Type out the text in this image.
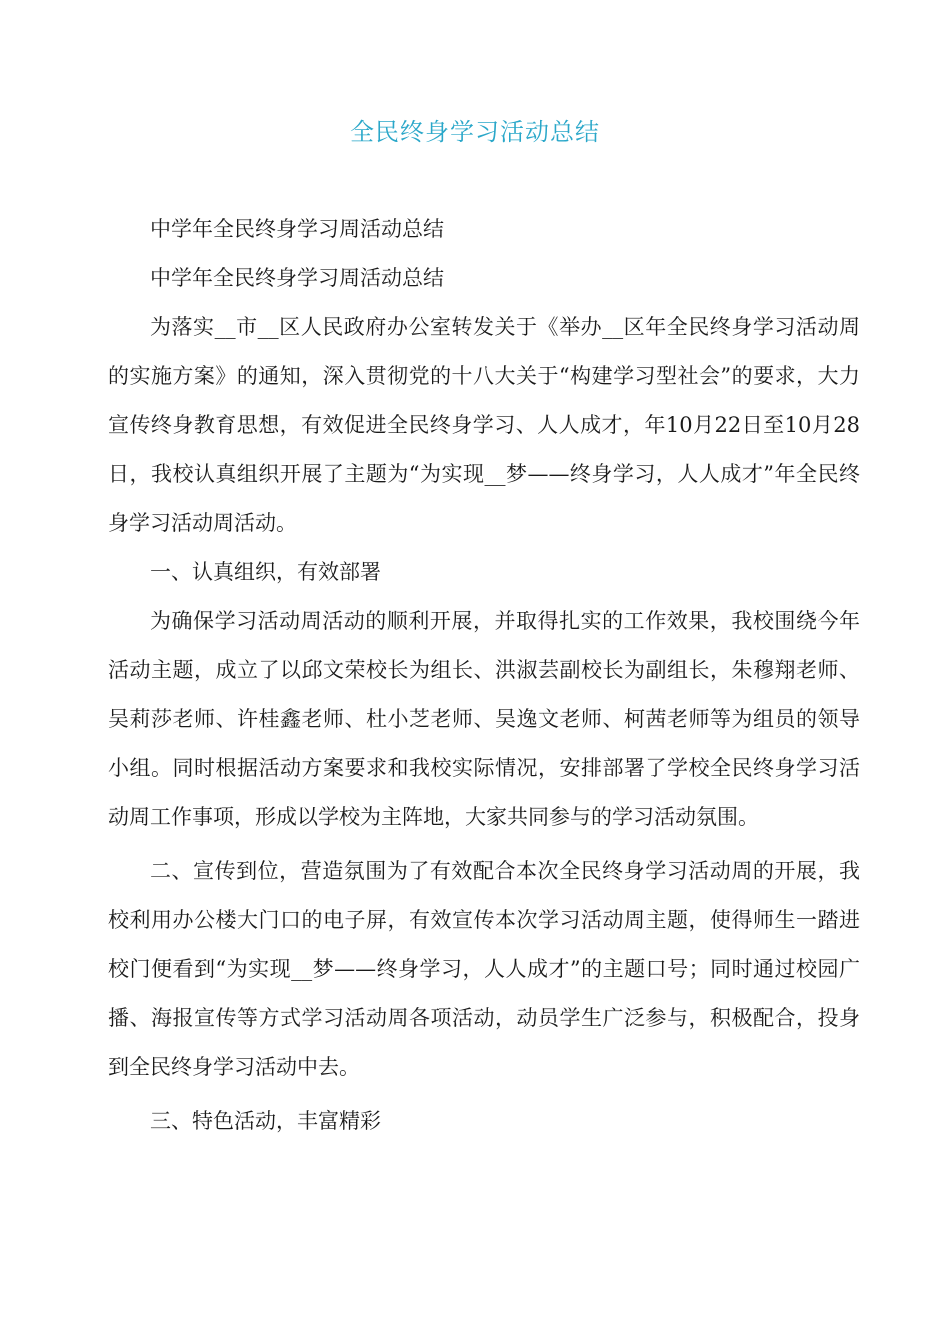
全民终身学习活动总结

中学年全民终身学习周活动总结

中学年全民终身学习周活动总结

为落实__市__区人民政府办公室转发关于《举办__区年全民终身学习活动周的实施方案》的通知，深入贯彻党的十八大关于“构建学习型社会”的要求，大力宣传终身教育思想，有效促进全民终身学习、人人成才，年10月22日至10月28日，我校认真组织开展了主题为“为实现__梦——终身学习，人人成才”年全民终身学习活动周活动。

一、认真组织，有效部署

为确保学习活动周活动的顺利开展，并取得扎实的工作效果，我校围绕今年活动主题，成立了以邱文荣校长为组长、洪淑芸副校长为副组长，朱穆翔老师、吴莉莎老师、许桂鑫老师、杜小芝老师、吴逸文老师、柯茜老师等为组员的领导小组。同时根据活动方案要求和我校实际情况，安排部署了学校全民终身学习活动周工作事项，形成以学校为主阵地，大家共同参与的学习活动氛围。

二、宣传到位，营造氛围为了有效配合本次全民终身学习活动周的开展，我校利用办公楼大门口的电子屏，有效宣传本次学习活动周主题，使得师生一踏进校门便看到“为实现__梦——终身学习，人人成才”的主题口号；同时通过校园广播、海报宣传等方式学习活动周各项活动，动员学生广泛参与，积极配合，投身到全民终身学习活动中去。

三、特色活动，丰富精彩
